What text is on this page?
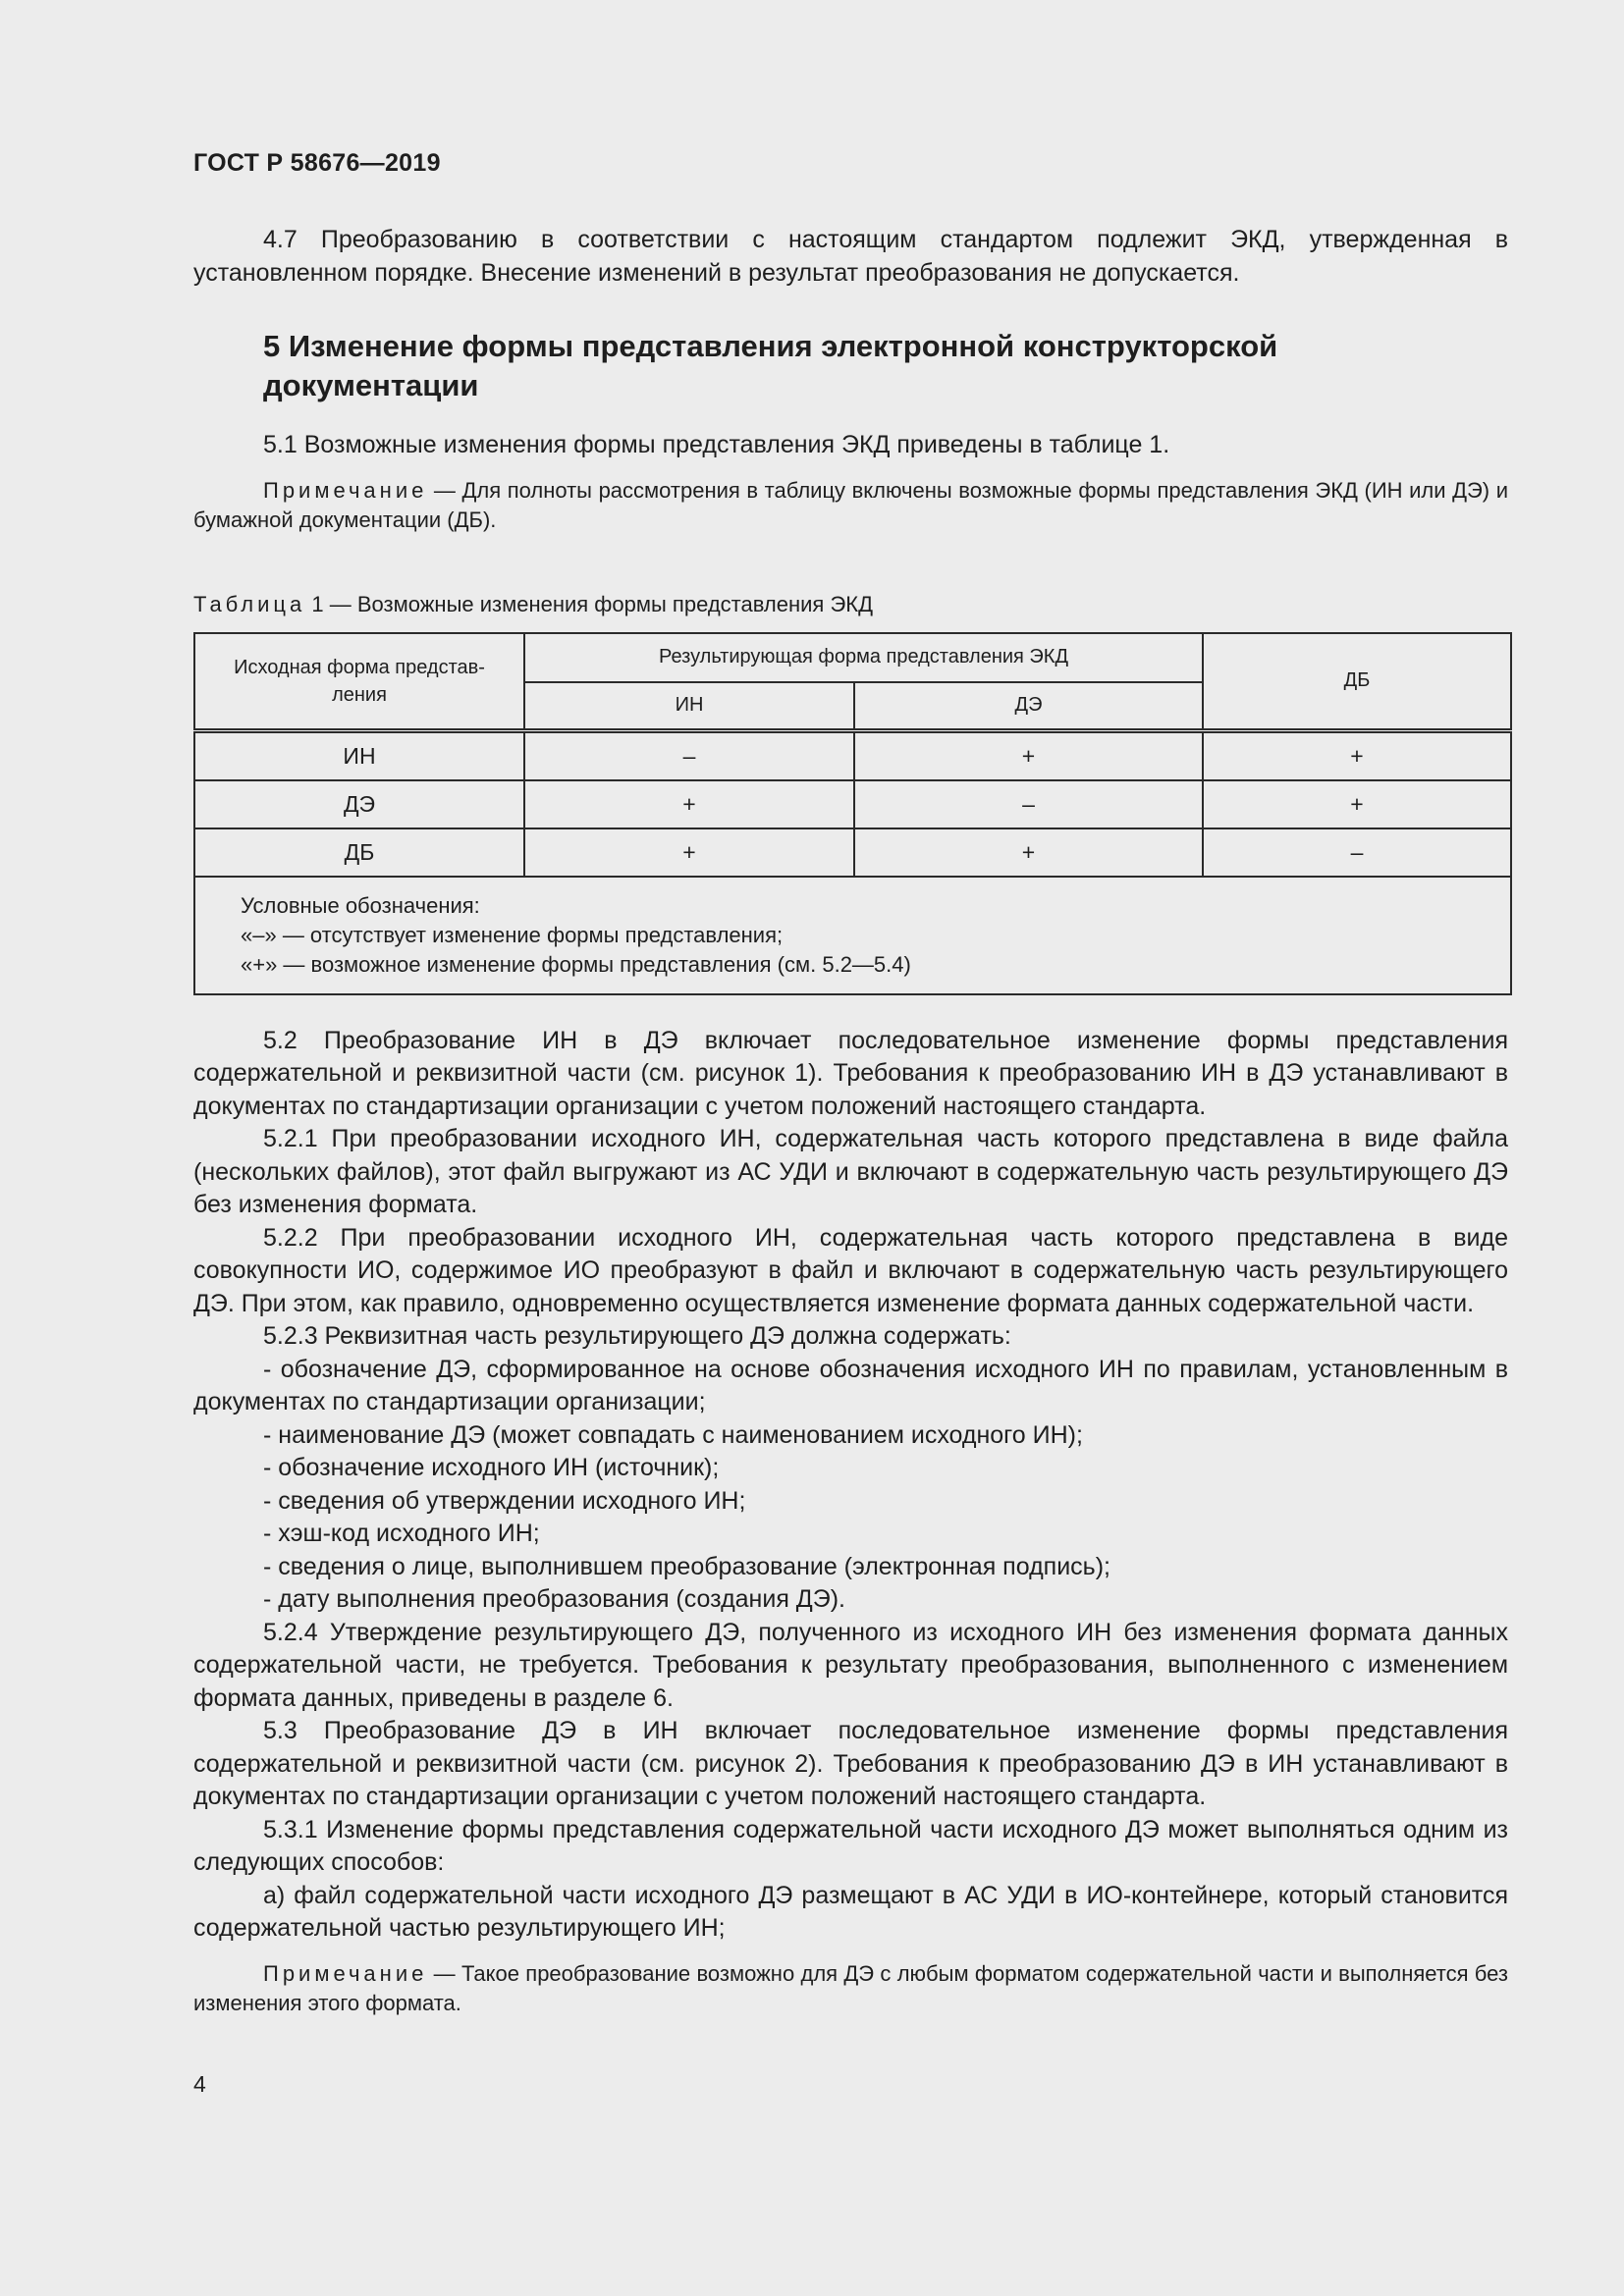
ГОСТ Р 58676—2019

4.7 Преобразованию в соответствии с настоящим стандартом подлежит ЭКД, утвержденная в установленном порядке. Внесение изменений в результат преобразования не допускается.

5 Изменение формы представления электронной конструкторской документации

5.1 Возможные изменения формы представления ЭКД приведены в таблице 1.

Примечание — Для полноты рассмотрения в таблицу включены возможные формы представления ЭКД (ИН или ДЭ) и бумажной документации (ДБ).

Таблица 1 — Возможные изменения формы представления ЭКД
Исходная форма представ-ления	Результирующая форма представления ЭКД		ДБ
	ИН	ДЭ	
ИН	–	+	+
ДЭ	+	–	+
ДБ	+	+	–

Условные обозначения:
«–» — отсутствует изменение формы представления;
«+» — возможное изменение формы представления (см. 5.2—5.4)			

5.2 Преобразование ИН в ДЭ включает последовательное изменение формы представления содержательной и реквизитной части (см. рисунок 1). Требования к преобразованию ИН в ДЭ устанавливают в документах по стандартизации организации с учетом положений настоящего стандарта.

5.2.1 При преобразовании исходного ИН, содержательная часть которого представлена в виде файла (нескольких файлов), этот файл выгружают из АС УДИ и включают в содержательную часть результирующего ДЭ без изменения формата.

5.2.2 При преобразовании исходного ИН, содержательная часть которого представлена в виде совокупности ИО, содержимое ИО преобразуют в файл и включают в содержательную часть результирующего ДЭ. При этом, как правило, одновременно осуществляется изменение формата данных содержательной части.

5.2.3 Реквизитная часть результирующего ДЭ должна содержать:

- обозначение ДЭ, сформированное на основе обозначения исходного ИН по правилам, установленным в документах по стандартизации организации;

- наименование ДЭ (может совпадать с наименованием исходного ИН);

- обозначение исходного ИН (источник);

- сведения об утверждении исходного ИН;

- хэш-код исходного ИН;

- сведения о лице, выполнившем преобразование (электронная подпись);

- дату выполнения преобразования (создания ДЭ).

5.2.4 Утверждение результирующего ДЭ, полученного из исходного ИН без изменения формата данных содержательной части, не требуется. Требования к результату преобразования, выполненного с изменением формата данных, приведены в разделе 6.

5.3 Преобразование ДЭ в ИН включает последовательное изменение формы представления содержательной и реквизитной части (см. рисунок 2). Требования к преобразованию ДЭ в ИН устанавливают в документах по стандартизации организации с учетом положений настоящего стандарта.

5.3.1 Изменение формы представления содержательной части исходного ДЭ может выполняться одним из следующих способов:

а) файл содержательной части исходного ДЭ размещают в АС УДИ в ИО-контейнере, который становится содержательной частью результирующего ИН;

Примечание — Такое преобразование возможно для ДЭ с любым форматом содержательной части и выполняется без изменения этого формата.

4
